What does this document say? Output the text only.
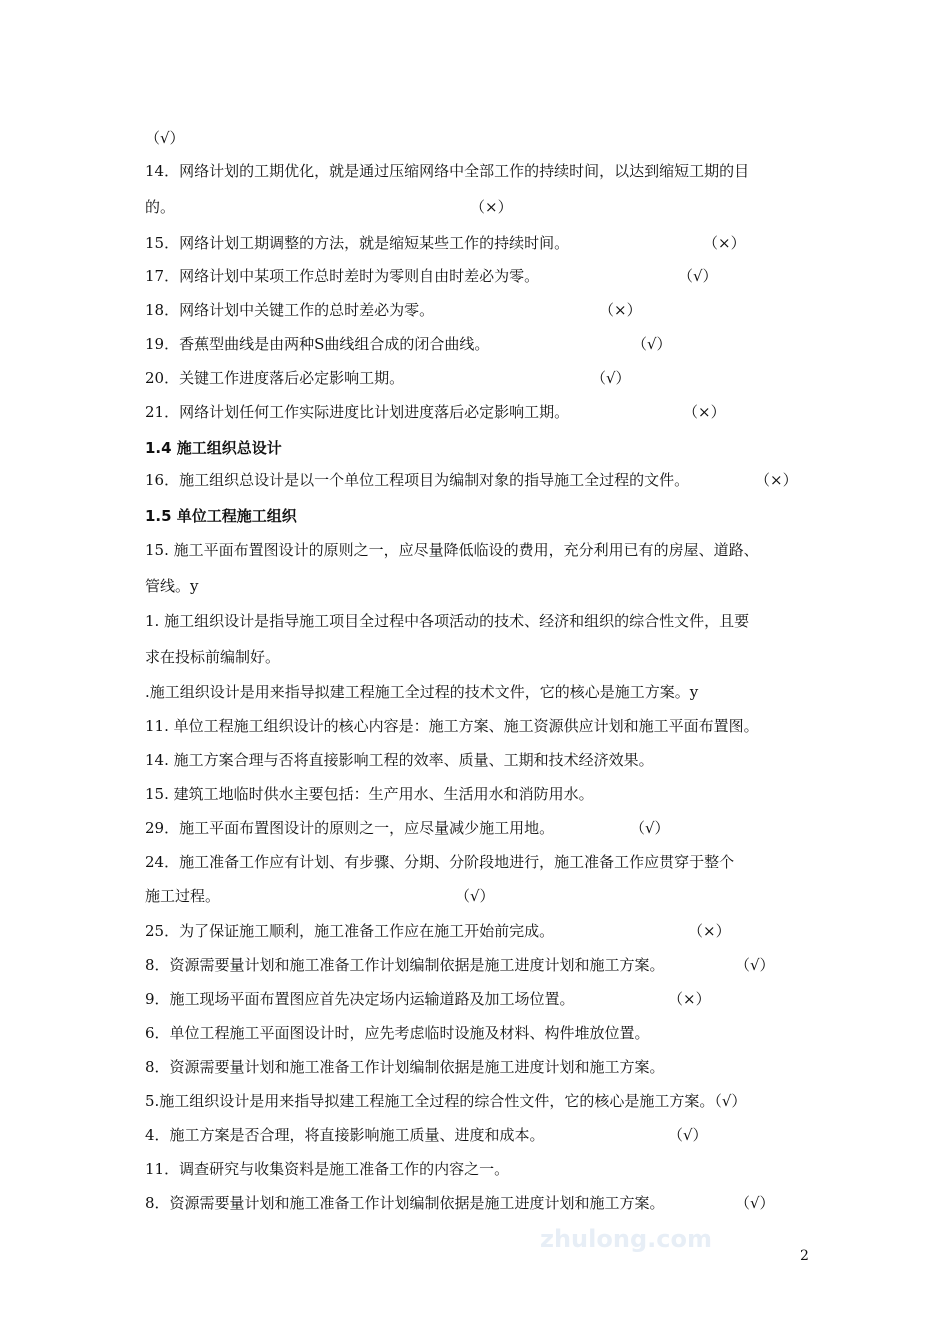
（√）
14．网络计划的工期优化，就是通过压缩网络中全部工作的持续时间，以达到缩短工期的目
的。	（×）
15．网络计划工期调整的方法，就是缩短某些工作的持续时间。	（×）
17．网络计划中某项工作总时差时为零则自由时差必为零。	（√）
18．网络计划中关键工作的总时差必为零。	（×）
19．香蕉型曲线是由两种S曲线组合成的闭合曲线。	（√）
20．关键工作进度落后必定影响工期。	（√）
21．网络计划任何工作实际进度比计划进度落后必定影响工期。	（×）
1.4 施工组织总设计
16．施工组织总设计是以一个单位工程项目为编制对象的指导施工全过程的文件。	（×）
1.5 单位工程施工组织
15. 施工平面布置图设计的原则之一，应尽量降低临设的费用，充分利用已有的房屋、道路、
管线。y
1. 施工组织设计是指导施工项目全过程中各项活动的技术、经济和组织的综合性文件，且要
求在投标前编制好。
.施工组织设计是用来指导拟建工程施工全过程的技术文件，它的核心是施工方案。y
11. 单位工程施工组织设计的核心内容是：施工方案、施工资源供应计划和施工平面布置图。
14. 施工方案合理与否将直接影响工程的效率、质量、工期和技术经济效果。
15. 建筑工地临时供水主要包括：生产用水、生活用水和消防用水。
29．施工平面布置图设计的原则之一，应尽量减少施工用地。	（√）
24．施工准备工作应有计划、有步骤、分期、分阶段地进行，施工准备工作应贯穿于整个
施工过程。	（√）
25．为了保证施工顺利，施工准备工作应在施工开始前完成。	（×）
8．资源需要量计划和施工准备工作计划编制依据是施工进度计划和施工方案。	（√）
9．施工现场平面布置图应首先决定场内运输道路及加工场位置。	（×）
6．单位工程施工平面图设计时，应先考虑临时设施及材料、构件堆放位置。
8．资源需要量计划和施工准备工作计划编制依据是施工进度计划和施工方案。
5.施工组织设计是用来指导拟建工程施工全过程的综合性文件，它的核心是施工方案。（√）
4．施工方案是否合理，将直接影响施工质量、进度和成本。	（√）
11．调查研究与收集资料是施工准备工作的内容之一。
8．资源需要量计划和施工准备工作计划编制依据是施工进度计划和施工方案。	（√）
zhulong.com
2
